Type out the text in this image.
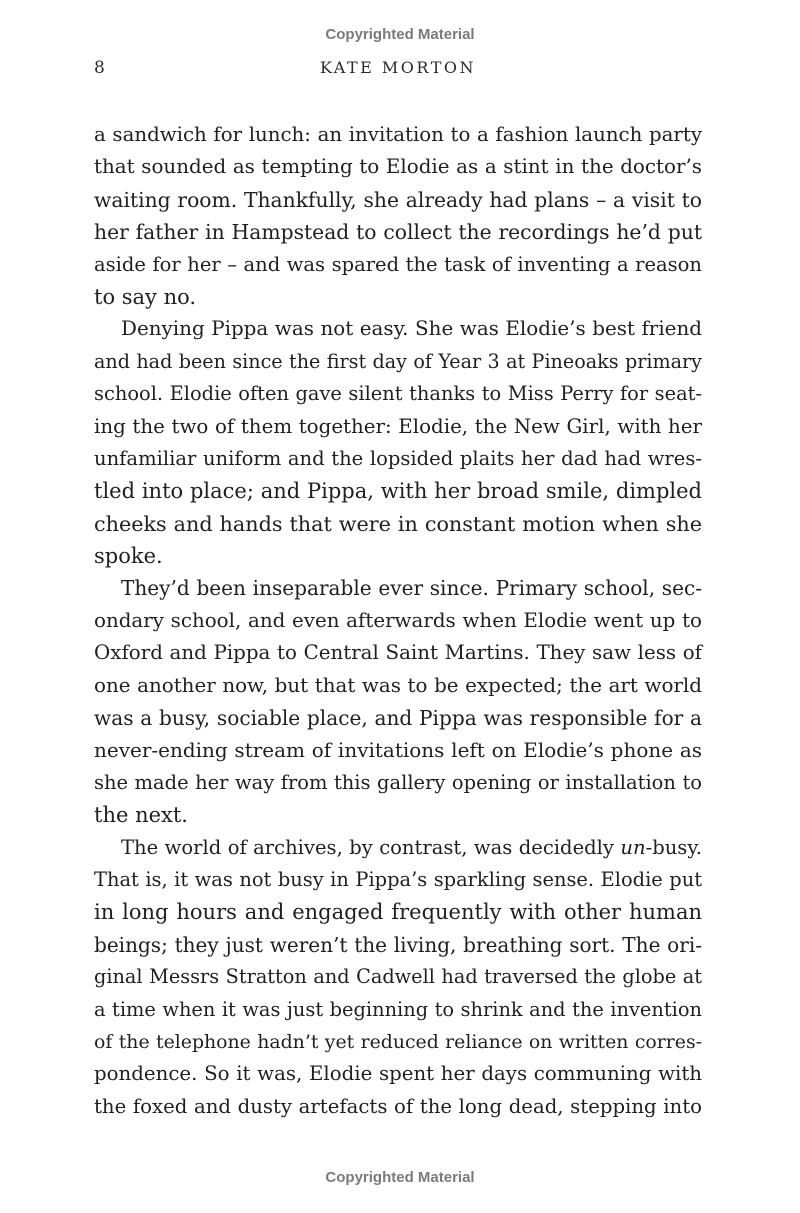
Copyrighted Material
8	KATE MORTON

a sandwich for lunch: an invitation to a fashion launch party
that sounded as tempting to Elodie as a stint in the doctor’s
waiting room. Thankfully, she already had plans – a visit to
her father in Hampstead to collect the recordings he’d put
aside for her – and was spared the task of inventing a reason
to say no.

Denying Pippa was not easy. She was Elodie’s best friend
and had been since the first day of Year 3 at Pineoaks primary
school. Elodie often gave silent thanks to Miss Perry for seat-
ing the two of them together: Elodie, the New Girl, with her
unfamiliar uniform and the lopsided plaits her dad had wres-
tled into place; and Pippa, with her broad smile, dimpled
cheeks and hands that were in constant motion when she
spoke.

They’d been inseparable ever since. Primary school, sec-
ondary school, and even afterwards when Elodie went up to
Oxford and Pippa to Central Saint Martins. They saw less of
one another now, but that was to be expected; the art world
was a busy, sociable place, and Pippa was responsible for a
never-ending stream of invitations left on Elodie’s phone as
she made her way from this gallery opening or installation to
the next.

The world of archives, by contrast, was decidedly un-busy.
That is, it was not busy in Pippa’s sparkling sense. Elodie put
in long hours and engaged frequently with other human
beings; they just weren’t the living, breathing sort. The ori-
ginal Messrs Stratton and Cadwell had traversed the globe at
a time when it was just beginning to shrink and the invention
of the telephone hadn’t yet reduced reliance on written corres-
pondence. So it was, Elodie spent her days communing with
the foxed and dusty artefacts of the long dead, stepping into

Copyrighted Material
